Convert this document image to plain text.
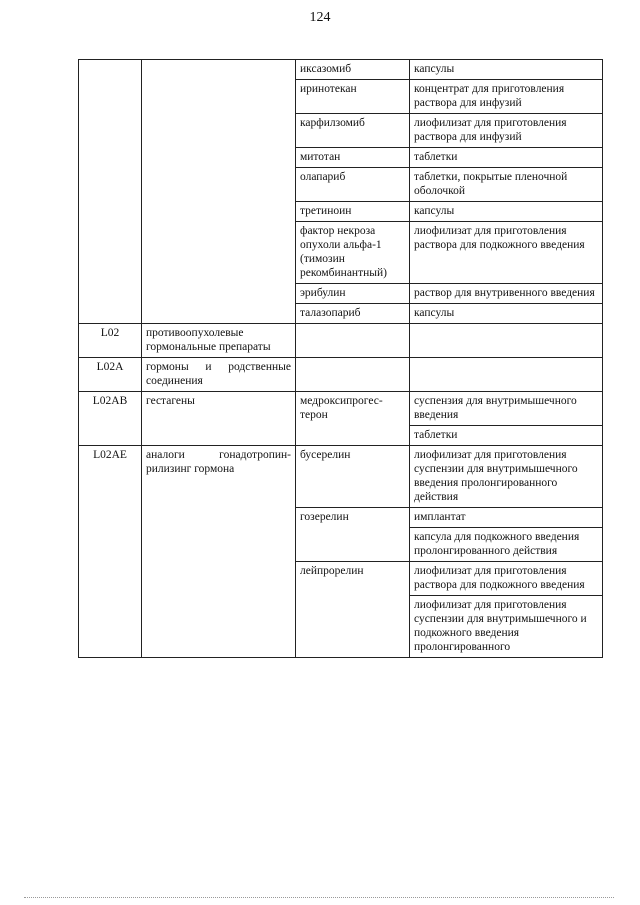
124
		иксазомиб	капсулы
		иринотекан	концентрат для приготовления раствора для инфузий
		карфилзомиб	лиофилизат для приготовления раствора для инфузий
		митотан	таблетки
		олапариб	таблетки, покрытые пленочной оболочкой
		третиноин	капсулы
		фактор некроза опухоли альфа-1 (тимозин рекомбинантный)	лиофилизат для приготовления раствора для подкожного введения
		эрибулин	раствор для внутривенного введения
		талазопариб	капсулы
L02	противоопухолевые гормональные препараты		
L02A	гормоны и родственные соединения		
L02AB	гестагены	медроксипрогес-терон	суспензия для внутримышечного введения
			таблетки
L02AE	аналоги гонадотропин-рилизинг гормона	бусерелин	лиофилизат для приготовления суспензии для внутримышечного введения пролонгированного действия
		гозерелин	имплантат
			капсула для подкожного введения пролонгированного действия
		лейпрорелин	лиофилизат для приготовления раствора для подкожного введения

			лиофилизат для приготовления суспензии для внутримышечного и подкожного введения пролонгированного
